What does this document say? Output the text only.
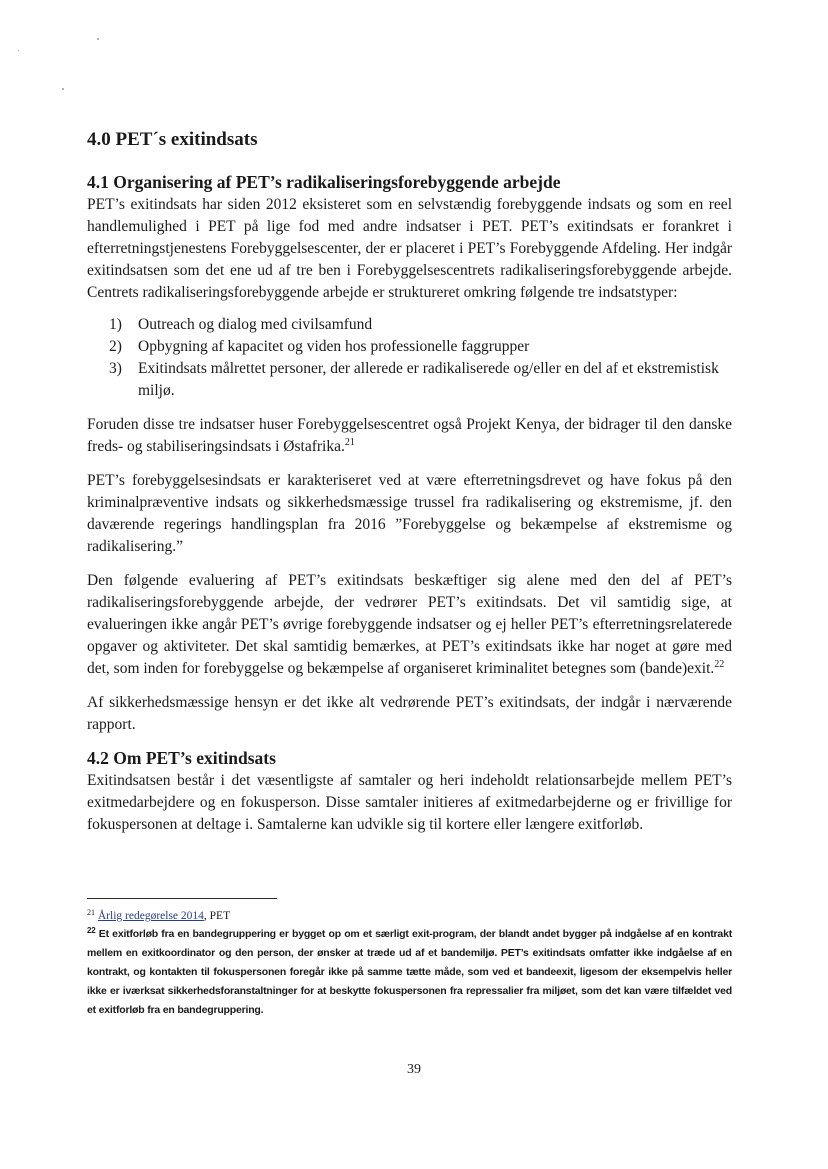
4.0 PET´s exitindsats
4.1 Organisering af PET’s radikaliseringsforebyggende arbejde

PET’s exitindsats har siden 2012 eksisteret som en selvstændig forebyggende indsats og som en reel handlemulighed i PET på lige fod med andre indsatser i PET. PET’s exitindsats er forankret i efterretningstjenestens Forebyggelsescenter, der er placeret i PET’s Forebyggende Afdeling. Her indgår exitindsatsen som det ene ud af tre ben i Forebyggelsescentrets radikaliseringsforebyggende arbejde. Centrets radikaliseringsforebyggende arbejde er struktureret omkring følgende tre indsatstyper:

1) Outreach og dialog med civilsamfund
2) Opbygning af kapacitet og viden hos professionelle faggrupper
3) Exitindsats målrettet personer, der allerede er radikaliserede og/eller en del af et ekstremistisk miljø.

Foruden disse tre indsatser huser Forebyggelsescentret også Projekt Kenya, der bidrager til den danske freds- og stabiliseringsindsats i Østafrika.$^{21}$

PET’s forebyggelsesindsats er karakteriseret ved at være efterretningsdrevet og have fokus på den kriminalpræventive indsats og sikkerhedsmæssige trussel fra radikalisering og ekstremisme, jf. den daværende regerings handlingsplan fra 2016 ”Forebyggelse og bekæmpelse af ekstremisme og radikalisering.”

Den følgende evaluering af PET’s exitindsats beskæftiger sig alene med den del af PET’s radikaliseringsforebyggende arbejde, der vedrører PET’s exitindsats. Det vil samtidig sige, at evalueringen ikke angår PET’s øvrige forebyggende indsatser og ej heller PET’s efterretningsrelaterede opgaver og aktiviteter. Det skal samtidig bemærkes, at PET’s exitindsats ikke har noget at gøre med det, som inden for forebyggelse og bekæmpelse af organiseret kriminalitet betegnes som (bande)exit.$^{22}$

Af sikkerhedsmæssige hensyn er det ikke alt vedrørende PET’s exitindsats, der indgår i nærværende rapport.

4.2 Om PET’s exitindsats

Exitindsatsen består i det væsentligste af samtaler og heri indeholdt relationsarbejde mellem PET’s exitmedarbejdere og en fokusperson. Disse samtaler initieres af exitmedarbejderne og er frivillige for fokuspersonen at deltage i. Samtalerne kan udvikle sig til kortere eller længere exitforløb.

$^{21}$ Årlig redegørelse 2014, PET

$^{22}$ Et exitforløb fra en bandegruppering er bygget op om et særligt exit-program, der blandt andet bygger på indgåelse af en kontrakt mellem en exitkoordinator og den person, der ønsker at træde ud af et bandemiljø. PET’s exitindsats omfatter ikke indgåelse af en kontrakt, og kontakten til fokuspersonen foregår ikke på samme tætte måde, som ved et bandeexit, ligesom der eksempelvis heller ikke er iværksat sikkerhedsforanstaltninger for at beskytte fokuspersonen fra repressalier fra miljøet, som det kan være tilfældet ved et exitforløb fra en bandegruppering.

39
